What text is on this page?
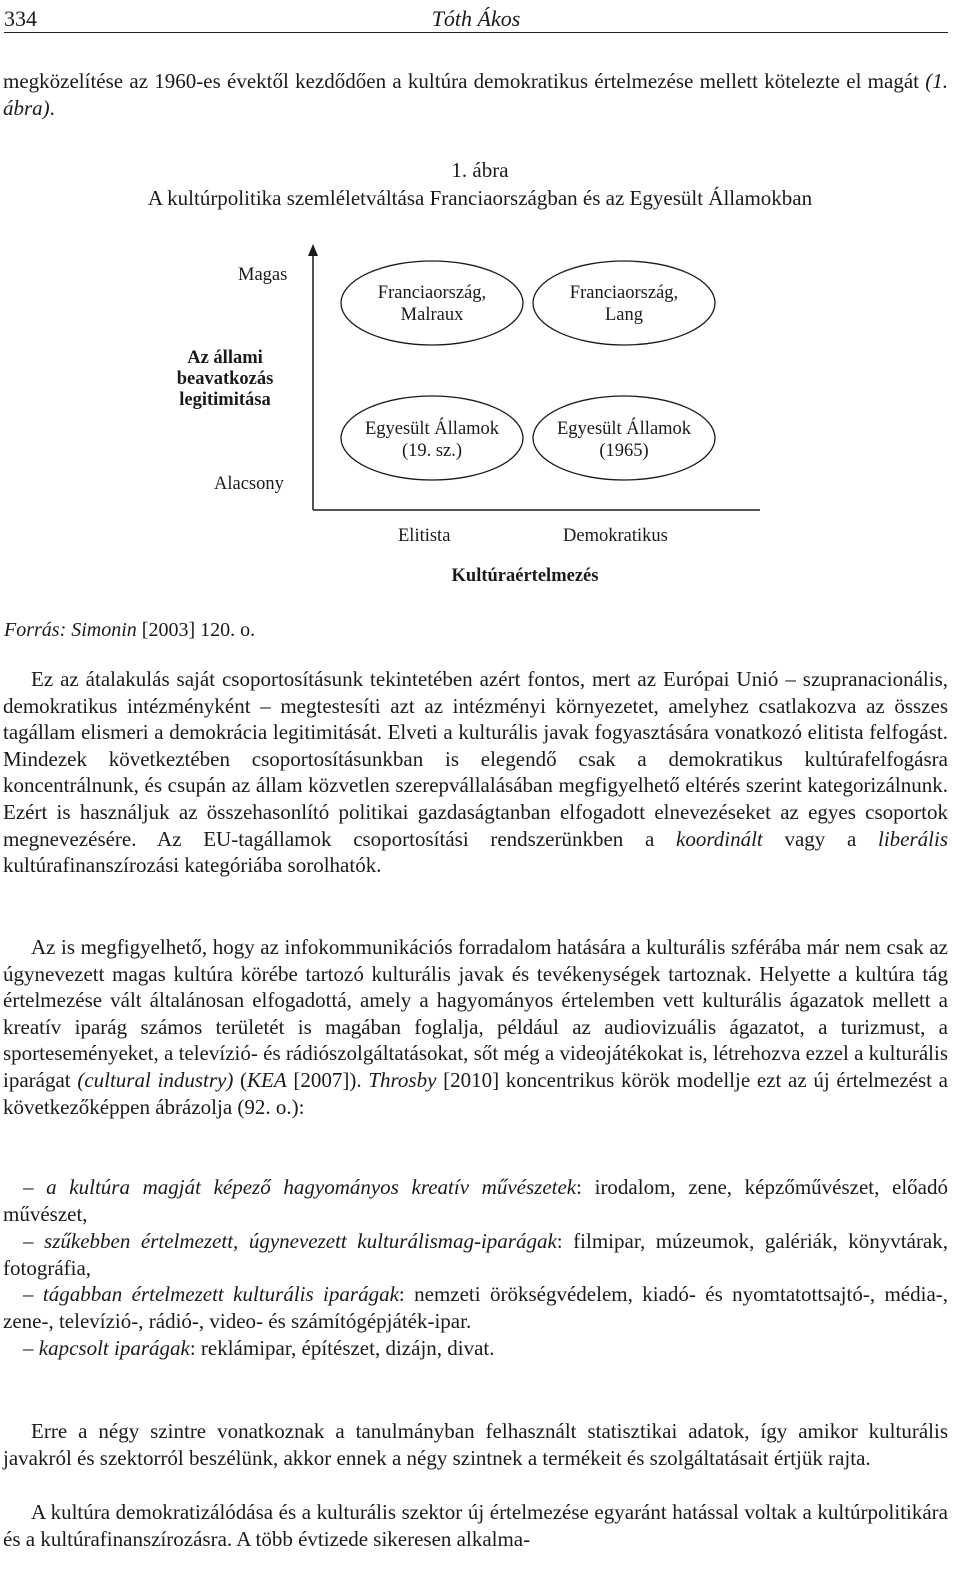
334	Tóth Ákos

megközelítése az 1960-es évektől kezdődően a kultúra demokratikus értelmezése mellett kötelezte el magát (1. ábra).

1. ábra
A kultúrpolitika szemléletváltása Franciaországban és az Egyesült Államokban
Magas
Alacsony
Az állami beavatkozás legitimitása
Franciaország,
Malraux
Franciaország,
Lang
Egyesült Államok
(19. sz.)
Egyesült Államok
(1965)
Elitista	Demokratikus
Kultúraértelmezés
Forrás: Simonin [2003] 120. o.

Ez az átalakulás saját csoportosításunk tekintetében azért fontos, mert az Európai Unió – szupranacionális, demokratikus intézményként – megtestesíti azt az intézményi környezetet, amelyhez csatlakozva az összes tagállam elismeri a demokrácia legitimitását. Elveti a kulturális javak fogyasztására vonatkozó elitista felfogást. Mindezek következtében csoportosításunkban is elegendő csak a demokratikus kultúrafelfogásra koncentrálnunk, és csupán az állam közvetlen szerepvállalásában megfigyelhető eltérés szerint kategorizálnunk. Ezért is használjuk az összehasonlító politikai gazdaságtanban elfogadott elnevezéseket az egyes csoportok megnevezésére. Az EU-tagállamok csoportosítási rendszerünkben a koordinált vagy a liberális kultúrafinanszírozási kategóriába sorolhatók.

Az is megfigyelhető, hogy az infokommunikációs forradalom hatására a kulturális szférába már nem csak az úgynevezett magas kultúra körébe tartozó kulturális javak és tevékenységek tartoznak. Helyette a kultúra tág értelmezése vált általánosan elfogadottá, amely a hagyományos értelemben vett kulturális ágazatok mellett a kreatív iparág számos területét is magában foglalja, például az audiovizuális ágazatot, a turizmust, a sporteseményeket, a televízió- és rádiószolgáltatásokat, sőt még a videojátékokat is, létrehozva ezzel a kulturális iparágat (cultural industry) (KEA [2007]). Throsby [2010] koncentrikus körök modellje ezt az új értelmezést a következőképpen ábrázolja (92. o.):

– a kultúra magját képező hagyományos kreatív művészetek: irodalom, zene, képzőművészet, előadó művészet,

– szűkebben értelmezett, úgynevezett kulturálismag-iparágak: filmipar, múzeumok, galériák, könyvtárak, fotográfia,

– tágabban értelmezett kulturális iparágak: nemzeti örökségvédelem, kiadó- és nyomtatottsajtó-, média-, zene-, televízió-, rádió-, video- és számítógépjáték-ipar.

– kapcsolt iparágak: reklámipar, építészet, dizájn, divat.

Erre a négy szintre vonatkoznak a tanulmányban felhasznált statisztikai adatok, így amikor kulturális javakról és szektorról beszélünk, akkor ennek a négy szintnek a termékeit és szolgáltatásait értjük rajta.

A kultúra demokratizálódása és a kulturális szektor új értelmezése egyaránt hatással voltak a kultúrpolitikára és a kultúrafinanszírozásra. A több évtizede sikeresen alkalma-
